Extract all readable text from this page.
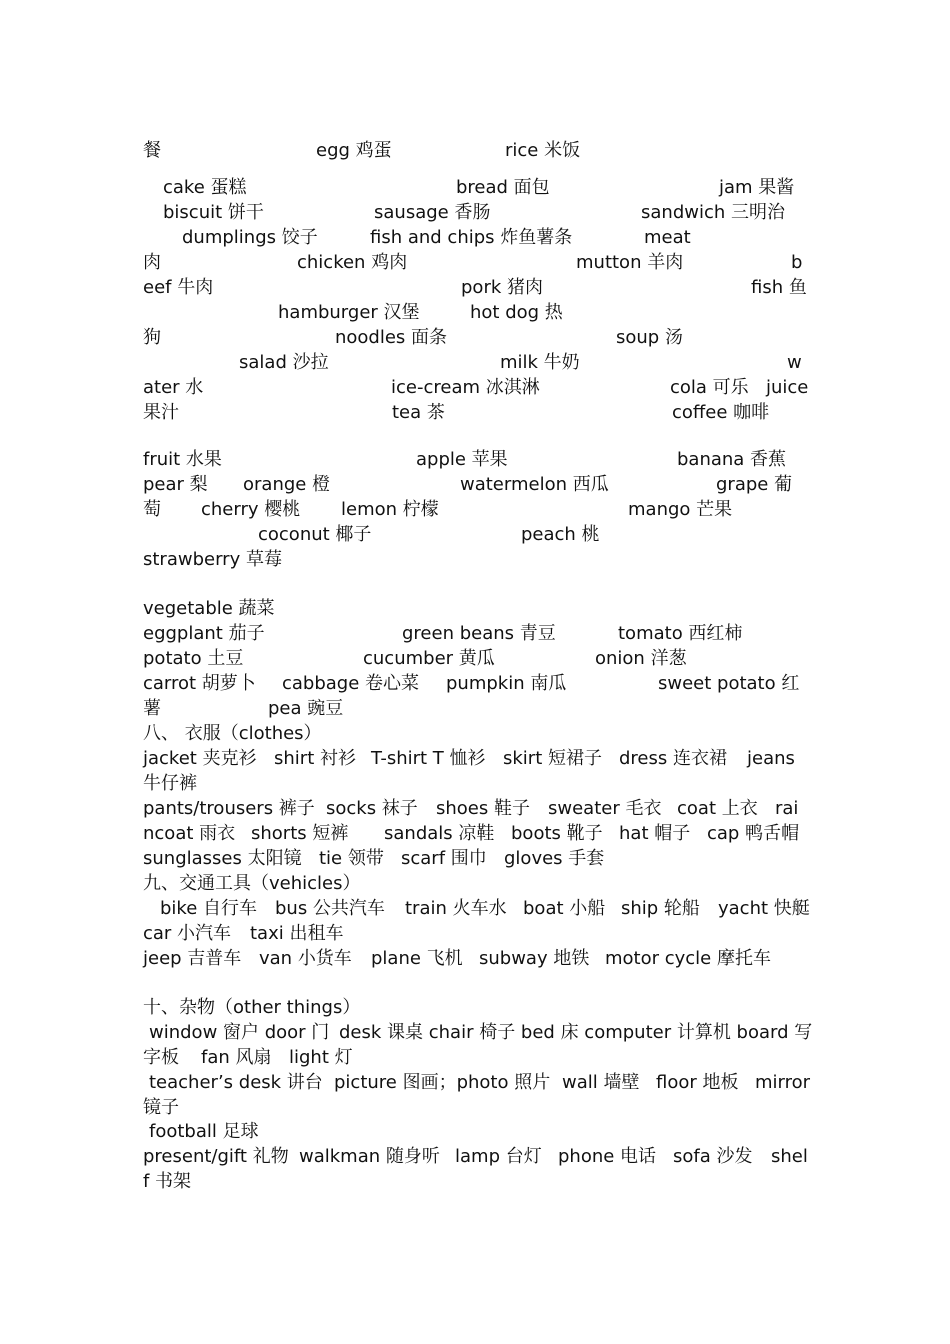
餐	egg 鸡蛋	rice 米饭
cake 蛋糕	bread 面包	jam 果酱
biscuit 饼干	sausage 香肠	sandwich 三明治
dumplings 饺子	fish and chips 炸鱼薯条	meat
肉	chicken 鸡肉	mutton 羊肉	b
eef 牛肉	pork 猪肉	fish 鱼
hamburger 汉堡	hot dog 热
狗	noodles 面条	soup 汤
salad 沙拉	milk 牛奶	w
ater 水	ice-cream 冰淇淋	cola 可乐 juice
果汁	tea 茶	coffee 咖啡
fruit 水果	apple 苹果	banana 香蕉
pear 梨 orange 橙	watermelon 西瓜	grape 葡
萄 cherry 樱桃 lemon 柠檬	mango 芒果
coconut 椰子	peach 桃
strawberry 草莓
vegetable 蔬菜
eggplant 茄子	green beans 青豆	tomato 西红柿
potato 土豆	cucumber 黄瓜	onion 洋葱
carrot 胡萝卜 cabbage 卷心菜 pumpkin 南瓜	sweet potato 红
薯	pea 豌豆
八、 衣服（clothes）
jacket 夹克衫 shirt 衬衫 T-shirt T 恤衫 skirt 短裙子 dress 连衣裙 jeans
牛仔裤
pants/trousers 裤子 socks 袜子 shoes 鞋子 sweater 毛衣 coat 上衣 rai
ncoat 雨衣 shorts 短裤 sandals 凉鞋 boots 靴子 hat 帽子 cap 鸭舌帽
sunglasses 太阳镜 tie 领带 scarf 围巾 gloves 手套
九、交通工具（vehicles）
bike 自行车 bus 公共汽车 train 火车水 boat 小船 ship 轮船 yacht 快艇
car 小汽车 taxi 出租车
jeep 吉普车 van 小货车 plane 飞机 subway 地铁 motor cycle 摩托车
十、杂物（other things）
window 窗户 door 门 desk 课桌 chair 椅子 bed 床 computer 计算机 board 写
字板 fan 风扇 light 灯
teacher’s desk 讲台 picture 图画；photo 照片 wall 墙壁 floor 地板 mirror
镜子
football 足球
present/gift 礼物 walkman 随身听 lamp 台灯 phone 电话 sofa 沙发 shel
f 书架
